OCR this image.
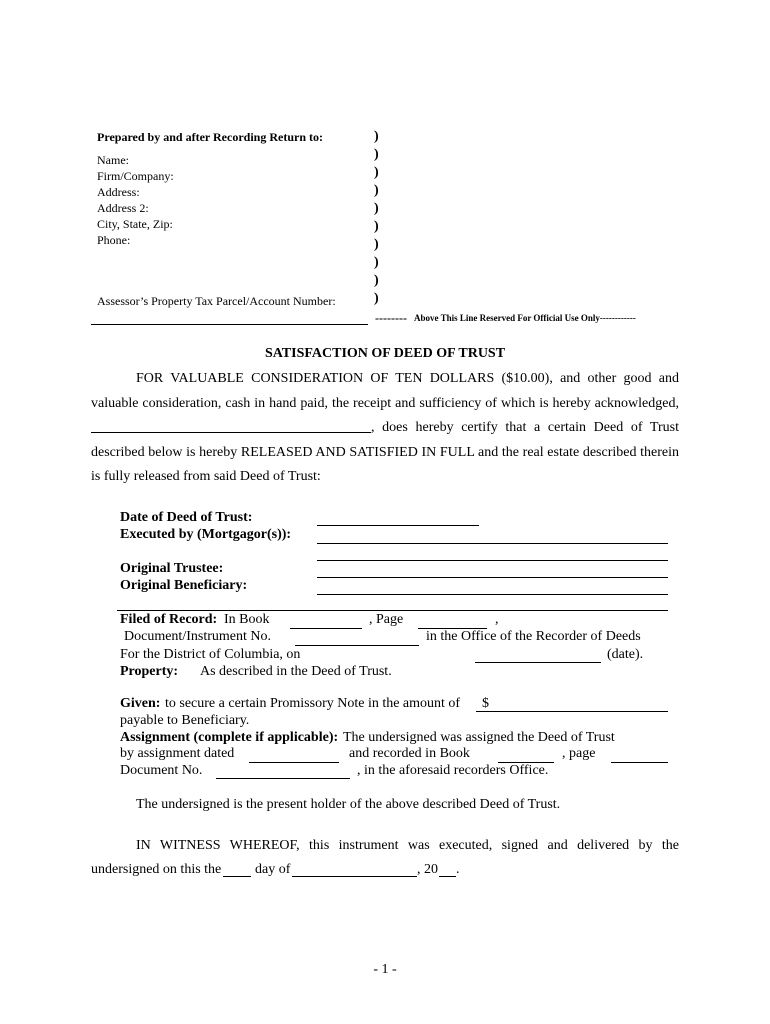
Prepared by and after Recording Return to:
Name:
Firm/Company:
Address:
Address 2:
City, State, Zip:
Phone:
Assessor’s Property Tax Parcel/Account Number:
)
)
)
)
)
)
)
)
)
)
-------- Above This Line Reserved For Official Use Only------------
SATISFACTION OF DEED OF TRUST
FOR VALUABLE CONSIDERATION OF TEN DOLLARS ($10.00), and other good and
valuable consideration, cash in hand paid, the receipt and sufficiency of which is hereby acknowledged,
, does hereby certify that a certain Deed of Trust
described below is hereby RELEASED AND SATISFIED IN FULL and the real estate described therein
is fully released from said Deed of Trust:
Date of Deed of Trust:
Executed by (Mortgagor(s)):
Original Trustee:
Original Beneficiary:
Filed of Record: In Book	, Page	,
Document/Instrument No.	in the Office of the Recorder of Deeds
For the District of Columbia, on	(date).
Property: As described in the Deed of Trust.
Given: to secure a certain Promissory Note in the amount of $
payable to Beneficiary.
Assignment (complete if applicable): The undersigned was assigned the Deed of Trust
by assignment dated	and recorded in Book	, page
Document No.	, in the aforesaid recorders Office.
The undersigned is the present holder of the above described Deed of Trust.
IN WITNESS WHEREOF, this instrument was executed, signed and delivered by the
undersigned on this the day of	, 20 .
- 1 -
